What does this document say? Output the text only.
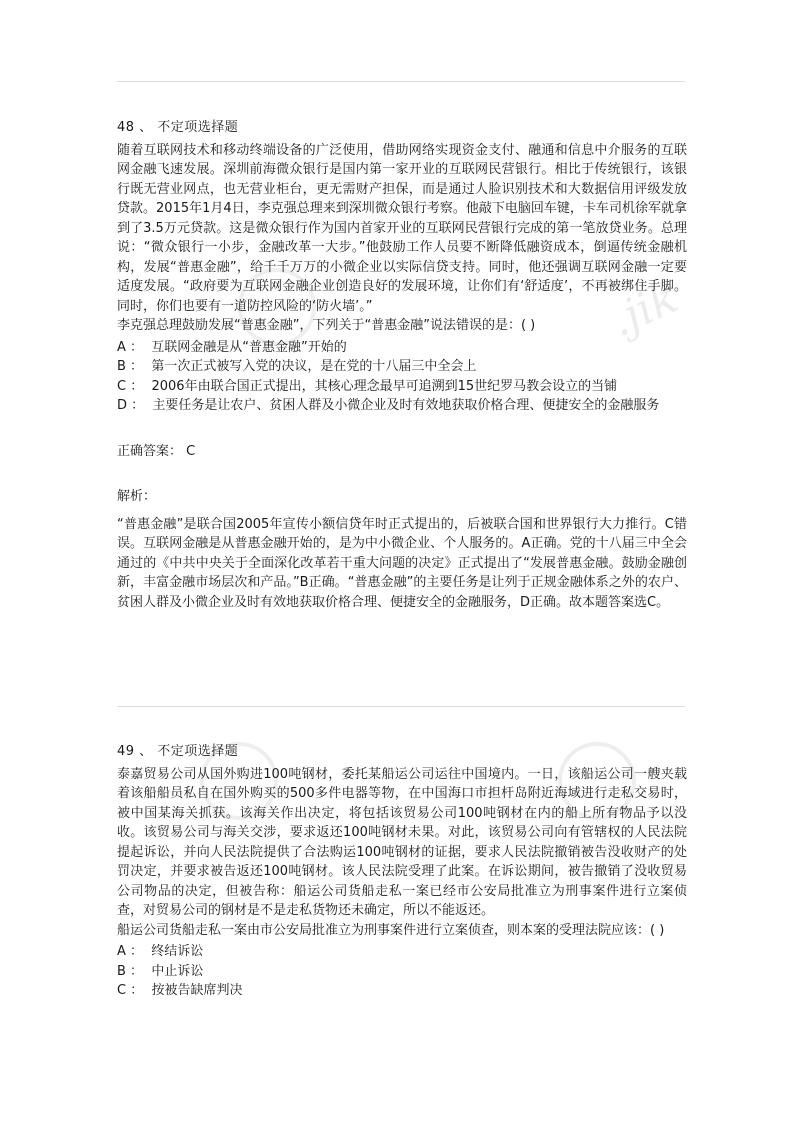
.jik

48 、 不定项选择题

随着互联网技术和移动终端设备的广泛使用，借助网络实现资金支付、融通和信息中介服务的互联网金融飞速发展。深圳前海微众银行是国内第一家开业的互联网民营银行。相比于传统银行，该银行既无营业网点，也无营业柜台，更无需财产担保，而是通过人脸识别技术和大数据信用评级发放贷款。2015年1月4日，李克强总理来到深圳微众银行考察。他敲下电脑回车键，卡车司机徐军就拿到了3.5万元贷款。这是微众银行作为国内首家开业的互联网民营银行完成的第一笔放贷业务。总理说：“微众银行一小步，金融改革一大步。”他鼓励工作人员要不断降低融资成本，倒逼传统金融机构，发展“普惠金融”，给千千万万的小微企业以实际信贷支持。同时，他还强调互联网金融一定要适度发展。“政府要为互联网金融企业创造良好的发展环境，让你们有‘舒适度’，不再被绑住手脚。同时，你们也要有一道防控风险的‘防火墙’。”

李克强总理鼓励发展“普惠金融”，下列关于“普惠金融”说法错误的是：( )

A ： 互联网金融是从“普惠金融”开始的
B ： 第一次正式被写入党的决议，是在党的十八届三中全会上
C ： 2006年由联合国正式提出，其核心理念最早可追溯到15世纪罗马教会设立的当铺
D ： 主要任务是让农户、贫困人群及小微企业及时有效地获取价格合理、便捷安全的金融服务

正确答案： C

解析：

“普惠金融”是联合国2005年宣传小额信贷年时正式提出的，后被联合国和世界银行大力推行。C错误。互联网金融是从普惠金融开始的，是为中小微企业、个人服务的。A正确。党的十八届三中全会通过的《中共中央关于全面深化改革若干重大问题的决定》正式提出了“发展普惠金融。鼓励金融创新，丰富金融市场层次和产品。”B正确。“普惠金融”的主要任务是让列于正规金融体系之外的农户、贫困人群及小微企业及时有效地获取价格合理、便捷安全的金融服务，D正确。故本题答案选C。

49 、 不定项选择题

泰嘉贸易公司从国外购进100吨钢材，委托某船运公司运往中国境内。一日，该船运公司一艘夹载着该船船员私自在国外购买的500多件电器等物，在中国海口市担杆岛附近海域进行走私交易时，被中国某海关抓获。该海关作出决定，将包括该贸易公司100吨钢材在内的船上所有物品予以没收。该贸易公司与海关交涉，要求返还100吨钢材未果。对此，该贸易公司向有管辖权的人民法院提起诉讼，并向人民法院提供了合法购运100吨钢材的证据，要求人民法院撤销被告没收财产的处罚决定，并要求被告返还100吨钢材。该人民法院受理了此案。在诉讼期间，被告撤销了没收贸易公司物品的决定，但被告称：船运公司货船走私一案已经市公安局批准立为刑事案件进行立案侦查，对贸易公司的钢材是不是走私货物还未确定，所以不能返还。

船运公司货船走私一案由市公安局批准立为刑事案件进行立案侦查，则本案的受理法院应该：( )

A ： 终结诉讼
B ： 中止诉讼
C ： 按被告缺席判决
